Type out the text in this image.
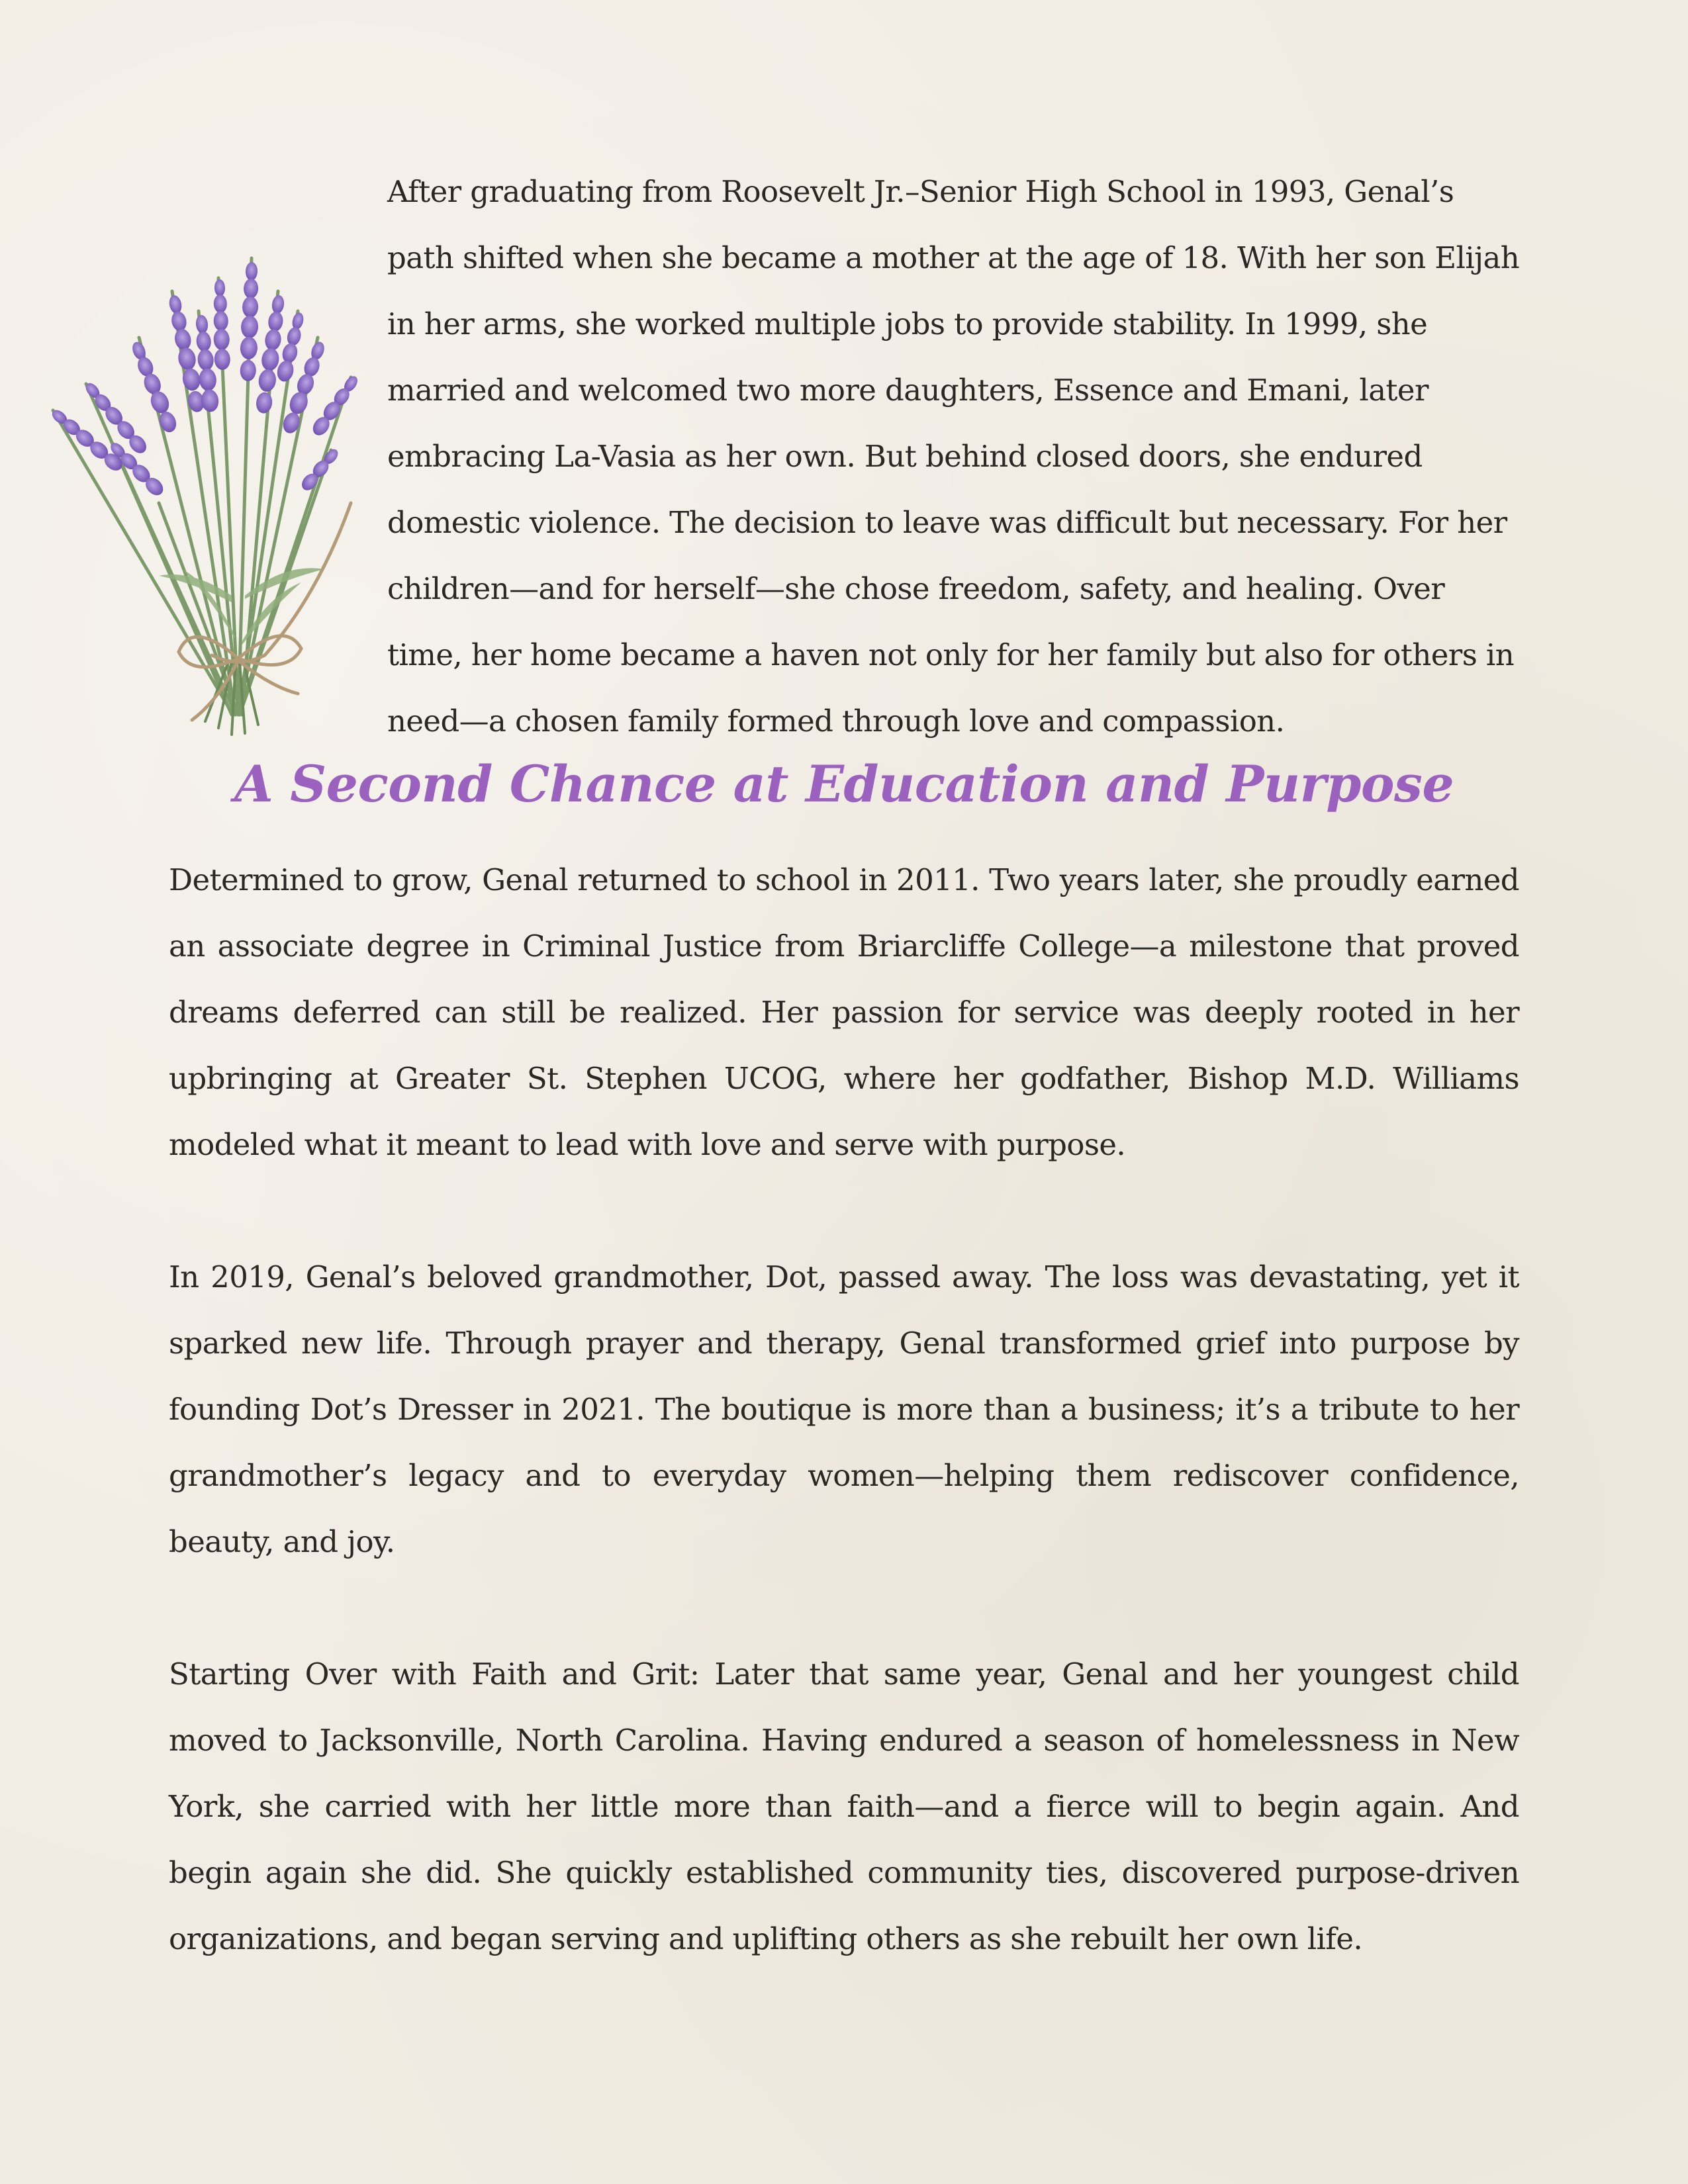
After graduating from Roosevelt Jr.–Senior High School in 1993, Genal’s path shifted when she became a mother at the age of 18. With her son Elijah in her arms, she worked multiple jobs to provide stability. In 1999, she married and welcomed two more daughters, Essence and Emani, later embracing La-Vasia as her own. But behind closed doors, she endured domestic violence. The decision to leave was difficult but necessary. For her children—and for herself—she chose freedom, safety, and healing. Over time, her home became a haven not only for her family but also for others in need—a chosen family formed through love and compassion.

A Second Chance at Education and Purpose

Determined to grow, Genal returned to school in 2011. Two years later, she proudly earned an associate degree in Criminal Justice from Briarcliffe College—a milestone that proved dreams deferred can still be realized. Her passion for service was deeply rooted in her upbringing at Greater St. Stephen UCOG, where her godfather, Bishop M.D. Williams modeled what it meant to lead with love and serve with purpose.

In 2019, Genal’s beloved grandmother, Dot, passed away. The loss was devastating, yet it sparked new life. Through prayer and therapy, Genal transformed grief into purpose by founding Dot’s Dresser in 2021. The boutique is more than a business; it’s a tribute to her grandmother’s legacy and to everyday women—helping them rediscover confidence, beauty, and joy.

Starting Over with Faith and Grit: Later that same year, Genal and her youngest child moved to Jacksonville, North Carolina. Having endured a season of homelessness in New York, she carried with her little more than faith—and a fierce will to begin again. And begin again she did. She quickly established community ties, discovered purpose-driven organizations, and began serving and uplifting others as she rebuilt her own life.
